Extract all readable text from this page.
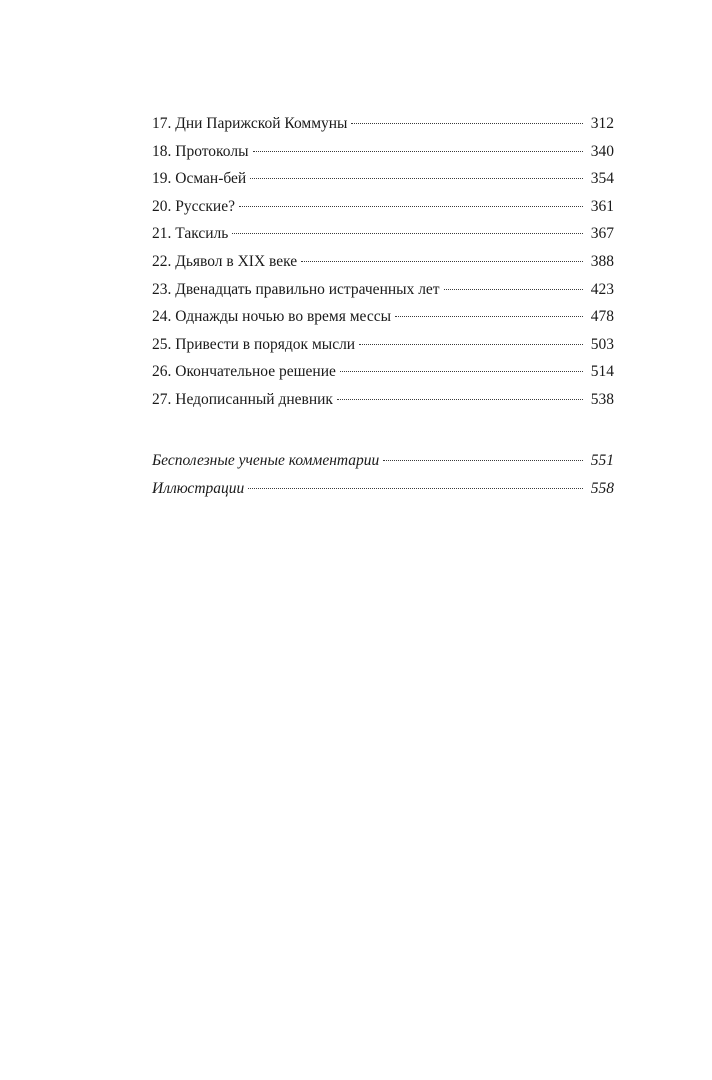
17. Дни Парижской Коммуны	312
18. Протоколы	340
19. Осман-бей	354
20. Русские?	361
21. Таксиль	367
22. Дьявол в XIX веке	388
23. Двенадцать правильно истраченных лет	423
24. Однажды ночью во время мессы	478
25. Привести в порядок мысли	503
26. Окончательное решение	514
27. Недописанный дневник	538
Бесполезные ученые комментарии	551
Иллюстрации	558
